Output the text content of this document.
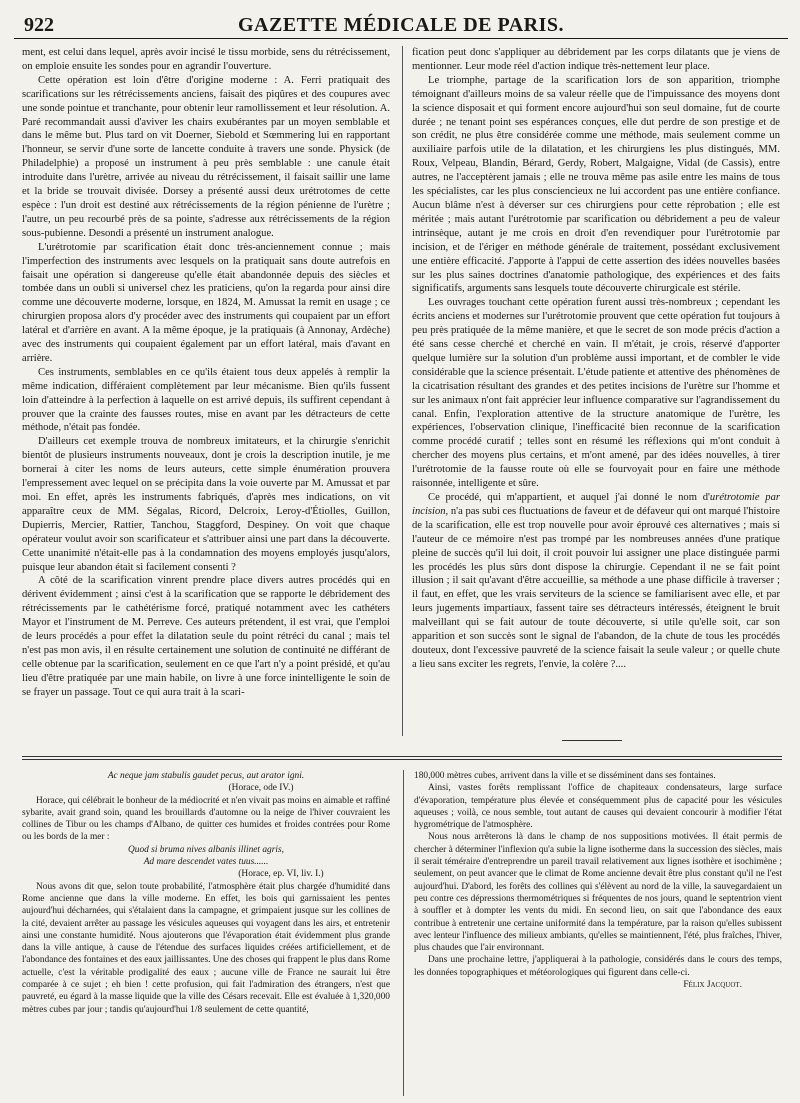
922	GAZETTE MÉDICALE DE PARIS.

ment, est celui dans lequel, après avoir incisé le tissu morbide, sens du rétrécissement, on emploie ensuite les sondes pour en agrandir l'ouverture.

Cette opération est loin d'être d'origine moderne : A. Ferri pratiquait des scarifications sur les rétrécissements anciens, faisait des piqûres et des coupures avec une sonde pointue et tranchante, pour obtenir leur ramollissement et leur résolution. A. Paré recommandait aussi d'aviver les chairs exubérantes par un moyen semblable et dans le même but. Plus tard on vit Doerner, Siebold et Sœmmering lui en rapportant l'honneur, se servir d'une sorte de lancette conduite à travers une sonde. Physick (de Philadelphie) a proposé un instrument à peu près semblable : une canule était introduite dans l'urètre, arrivée au niveau du rétrécissement, il faisait saillir une lame et la bride se trouvait divisée. Dorsey a présenté aussi deux urétrotomes de cette espèce : l'un droit est destiné aux rétrécissements de la région pénienne de l'urètre ; l'autre, un peu recourbé près de sa pointe, s'adresse aux rétrécissements de la région sous-pubienne. Desondi a présenté un instrument analogue.

L'urétrotomie par scarification était donc très-anciennement connue ; mais l'imperfection des instruments avec lesquels on la pratiquait sans doute autrefois en faisait une opération si dangereuse qu'elle était abandonnée depuis des siècles et tombée dans un oubli si universel chez les praticiens, qu'on la regarda pour ainsi dire comme une découverte moderne, lorsque, en 1824, M. Amussat la remit en usage ; ce chirurgien proposa alors d'y procéder avec des instruments qui coupaient par un effort latéral et d'arrière en avant. A la même époque, je la pratiquais (à Annonay, Ardèche) avec des instruments qui coupaient également par un effort latéral, mais d'avant en arrière.

Ces instruments, semblables en ce qu'ils étaient tous deux appelés à remplir la même indication, différaient complètement par leur mécanisme. Bien qu'ils fussent loin d'atteindre à la perfection à laquelle on est arrivé depuis, ils suffirent cependant à prouver que la crainte des fausses routes, mise en avant par les détracteurs de cette méthode, n'était pas fondée.

D'ailleurs cet exemple trouva de nombreux imitateurs, et la chirurgie s'enrichit bientôt de plusieurs instruments nouveaux, dont je crois la description inutile, je me bornerai à citer les noms de leurs auteurs, cette simple énumération prouvera l'empressement avec lequel on se précipita dans la voie ouverte par M. Amussat et par moi. En effet, après les instruments fabriqués, d'après mes indications, on vit apparaître ceux de MM. Ségalas, Ricord, Delcroix, Leroy-d'Étiolles, Guillon, Dupierris, Mercier, Rattier, Tanchou, Staggford, Despiney. On voit que chaque opérateur voulut avoir son scarificateur et s'attribuer ainsi une part dans la découverte. Cette unanimité n'était-elle pas à la condamnation des moyens employés jusqu'alors, puisque leur abandon était si facilement consenti ?

A côté de la scarification vinrent prendre place divers autres procédés qui en dérivent évidemment ; ainsi c'est à la scarification que se rapporte le débridement des rétrécissements par le cathétérisme forcé, pratiqué notamment avec les cathéters Mayor et l'instrument de M. Perreve. Ces auteurs prétendent, il est vrai, que l'emploi de leurs procédés a pour effet la dilatation seule du point rétréci du canal ; mais tel n'est pas mon avis, il en résulte certainement une solution de continuité ne différant de celle obtenue par la scarification, seulement en ce que l'art n'y a point présidé, et qu'au lieu d'être pratiquée par une main habile, on livre à une force inintelligente le soin de se frayer un passage. Tout ce qui aura trait à la scari-

fication peut donc s'appliquer au débridement par les corps dilatants que je viens de mentionner. Leur mode réel d'action indique très-nettement leur place.

Le triomphe, partage de la scarification lors de son apparition, triomphe témoignant d'ailleurs moins de sa valeur réelle que de l'impuissance des moyens dont la science disposait et qui forment encore aujourd'hui son seul domaine, fut de courte durée ; ne tenant point ses espérances conçues, elle dut perdre de son prestige et de son crédit, ne plus être considérée comme une méthode, mais seulement comme un auxiliaire parfois utile de la dilatation, et les chirurgiens les plus distingués, MM. Roux, Velpeau, Blandin, Bérard, Gerdy, Robert, Malgaigne, Vidal (de Cassis), entre autres, ne l'acceptèrent jamais ; elle ne trouva même pas asile entre les mains de tous les spécialistes, car les plus consciencieux ne lui accordent pas une entière confiance. Aucun blâme n'est à déverser sur ces chirurgiens pour cette réprobation ; elle est méritée ; mais autant l'urétrotomie par scarification ou débridement a peu de valeur intrinsèque, autant je me crois en droit d'en revendiquer pour l'urétrotomie par incision, et de l'ériger en méthode générale de traitement, possédant exclusivement une entière efficacité. J'apporte à l'appui de cette assertion des idées nouvelles basées sur les plus saines doctrines d'anatomie pathologique, des expériences et des faits significatifs, arguments sans lesquels toute découverte chirurgicale est stérile.

Les ouvrages touchant cette opération furent aussi très-nombreux ; cependant les écrits anciens et modernes sur l'urétrotomie prouvent que cette opération fut toujours à peu près pratiquée de la même manière, et que le secret de son mode précis d'action a été sans cesse cherché et cherché en vain. Il m'était, je crois, réservé d'apporter quelque lumière sur la solution d'un problème aussi important, et de combler le vide considérable que la science présentait. L'étude patiente et attentive des phénomènes de la cicatrisation résultant des grandes et des petites incisions de l'urètre sur l'homme et sur les animaux n'ont fait apprécier leur influence comparative sur l'agrandissement du canal. Enfin, l'exploration attentive de la structure anatomique de l'urètre, les expériences, l'observation clinique, l'inefficacité bien reconnue de la scarification comme procédé curatif ; telles sont en résumé les réflexions qui m'ont conduit à chercher des moyens plus certains, et m'ont amené, par des idées nouvelles, à tirer l'urétrotomie de la fausse route où elle se fourvoyait pour en faire une méthode raisonnée, intelligente et sûre.

Ce procédé, qui m'appartient, et auquel j'ai donné le nom d'urétrotomie par incision, n'a pas subi ces fluctuations de faveur et de défaveur qui ont marqué l'histoire de la scarification, elle est trop nouvelle pour avoir éprouvé ces alternatives ; mais si l'auteur de ce mémoire n'est pas trompé par les nombreuses années d'une pratique pleine de succès qu'il lui doit, il croit pouvoir lui assigner une place distinguée parmi les procédés les plus sûrs dont dispose la chirurgie. Cependant il ne se fait point illusion ; il sait qu'avant d'être accueillie, sa méthode a une phase difficile à traverser ; il faut, en effet, que les vrais serviteurs de la science se familiarisent avec elle, et par leurs jugements impartiaux, fassent taire ses détracteurs intéressés, éteignent le bruit malveillant qui se fait autour de toute découverte, si utile qu'elle soit, car son apparition et son succès sont le signal de l'abandon, de la chute de tous les procédés douteux, dont l'excessive pauvreté de la science faisait la seule valeur ; or quelle chute a lieu sans exciter les regrets, l'envie, la colère ?....

Ac neque jam stabulis gaudet pecus, aut arator igni.
(Horace, ode IV.)

Horace, qui célébrait le bonheur de la médiocrité et n'en vivait pas moins en aimable et raffiné sybarite, avait grand soin, quand les brouillards d'automne ou la neige de l'hiver couvraient les collines de Tibur ou les champs d'Albano, de quitter ces humides et froides contrées pour Rome ou les bords de la mer :

Quod si bruma nives albanis illinet agris,
Ad mare descendet vates tuus......
(Horace, ep. VI, liv. I.)

Nous avons dit que, selon toute probabilité, l'atmosphère était plus chargée d'humidité dans Rome ancienne que dans la ville moderne. En effet, les bois qui garnissaient les pentes aujourd'hui décharnées, qui s'étalaient dans la campagne, et grimpaient jusque sur les collines de la cité, devaient arrêter au passage les vésicules aqueuses qui voyagent dans les airs, et entretenir ainsi une constante humidité. Nous ajouterons que l'évaporation était évidemment plus grande dans la ville antique, à cause de l'étendue des surfaces liquides créées artificiellement, et de l'abondance des fontaines et des eaux jaillissantes. Une des choses qui frappent le plus dans Rome actuelle, c'est la véritable prodigalité des eaux ; aucune ville de France ne saurait lui être comparée à ce sujet ; eh bien ! cette profusion, qui fait l'admiration des étrangers, n'est que pauvreté, eu égard à la masse liquide que la ville des Césars recevait. Elle est évaluée à 1,320,000 mètres cubes par jour ; tandis qu'aujourd'hui 1/8 seulement de cette quantité,

180,000 mètres cubes, arrivent dans la ville et se disséminent dans ses fontaines.

Ainsi, vastes forêts remplissant l'office de chapiteaux condensateurs, large surface d'évaporation, température plus élevée et conséquemment plus de capacité pour les vésicules aqueuses ; voilà, ce nous semble, tout autant de causes qui devaient concourir à modifier l'état hygrométrique de l'atmosphère.

Nous nous arrêterons là dans le champ de nos suppositions motivées. Il était permis de chercher à déterminer l'inflexion qu'a subie la ligne isotherme dans la succession des siècles, mais il serait téméraire d'entreprendre un pareil travail relativement aux lignes isothère et isochimène ; seulement, on peut avancer que le climat de Rome ancienne devait être plus constant qu'il ne l'est aujourd'hui. D'abord, les forêts des collines qui s'élèvent au nord de la ville, la sauvegardaient un peu contre ces dépressions thermométriques si fréquentes de nos jours, quand le septentrion vient à souffler et à dompter les vents du midi. En second lieu, on sait que l'abondance des eaux contribue à entretenir une certaine uniformité dans la température, par la raison qu'elles subissent avec lenteur l'influence des milieux ambiants, qu'elles se maintiennent, l'été, plus fraîches, l'hiver, plus chaudes que l'air environnant.

Dans une prochaine lettre, j'appliquerai à la pathologie, considérés dans le cours des temps, les données topographiques et météorologiques qui figurent dans celle-ci.

Félix Jacquot.
